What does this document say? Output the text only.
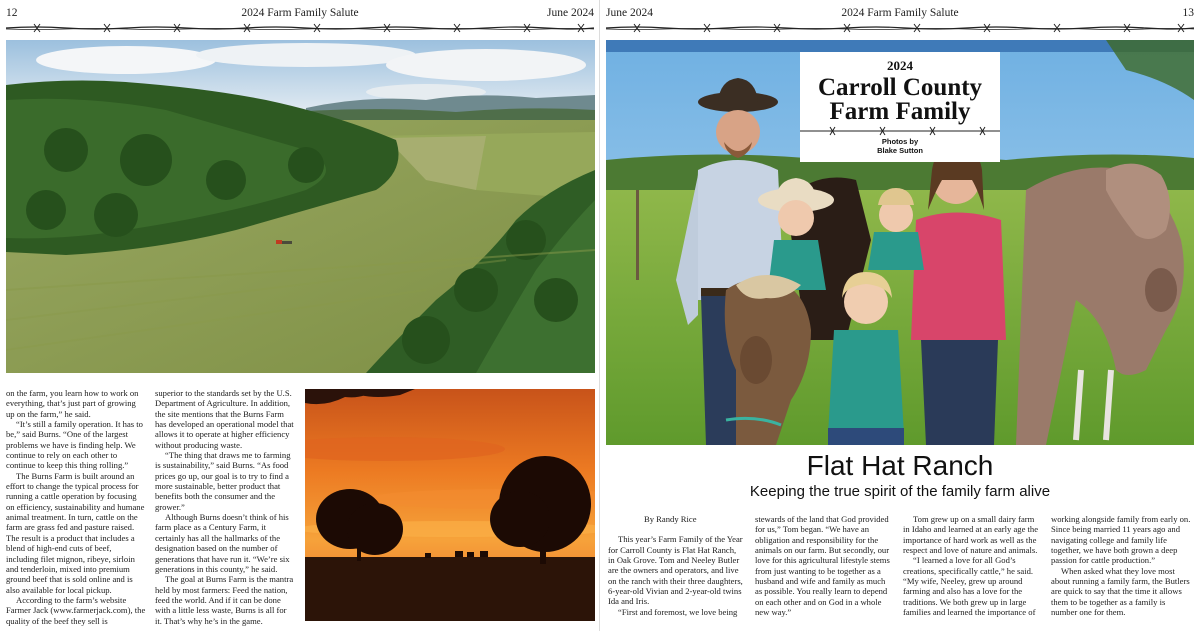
12	2024 Farm Family Salute	June 2024

on the farm, you learn how to work on everything, that’s just part of growing up on the farm,” he said.

“It’s still a family operation. It has to be,” said Burns. “One of the largest problems we have is finding help. We continue to rely on each other to continue to keep this thing rolling.”

The Burns Farm is built around an effort to change the typical process for running a cattle operation by focusing on efficiency, sustainability and humane animal treatment. In turn, cattle on the farm are grass fed and pasture raised. The result is a product that includes a blend of high-end cuts of beef, including filet mignon, ribeye, sirloin and tenderloin, mixed into premium ground beef that is sold online and is also available for local pickup.

According to the farm’s website Farmer Jack (www.farmerjack.com), the quality of the beef they sell is

superior to the standards set by the U.S. Department of Agriculture. In addition, the site mentions that the Burns Farm has developed an operational model that allows it to operate at higher efficiency without producing waste.

“The thing that draws me to farming is sustainability,” said Burns. “As food prices go up, our goal is to try to find a more sustainable, better product that benefits both the consumer and the grower.”

Although Burns doesn’t think of his farm place as a Century Farm, it certainly has all the hallmarks of the designation based on the number of generations that have run it. “We’re six generations in this county,” he said.

The goal at Burns Farm is the mantra held by most farmers: Feed the nation, feed the world. And if it can be done with a little less waste, Burns is all for it. That’s why he’s in the game.

June 2024	2024 Farm Family Salute	13
2024
Carroll County
Farm Family
Photos by
Blake Sutton
Flat Hat Ranch
Keeping the true spirit of the family farm alive

By Randy Rice

This year’s Farm Family of the Year for Carroll County is Flat Hat Ranch, in Oak Grove. Tom and Neeley Butler are the owners and operators, and live on the ranch with their three daughters, 6-year-old Vivian and 2-year-old twins Ida and Iris.

“First and foremost, we love being

stewards of the land that God provided for us,” Tom began. “We have an obligation and responsibility for the animals on our farm. But secondly, our love for this agricultural lifestyle stems from just wanting to be together as a husband and wife and family as much as possible. You really learn to depend on each other and on God in a whole new way.”

Tom grew up on a small dairy farm in Idaho and learned at an early age the importance of hard work as well as the respect and love of nature and animals.

“I learned a love for all God’s creations, specifically cattle,” he said. “My wife, Neeley, grew up around farming and also has a love for the traditions. We both grew up in large families and learned the importance of

working alongside family from early on. Since being married 11 years ago and navigating college and family life together, we have both grown a deep passion for cattle production.”

When asked what they love most about running a family farm, the Butlers are quick to say that the time it allows them to be together as a family is number one for them.
